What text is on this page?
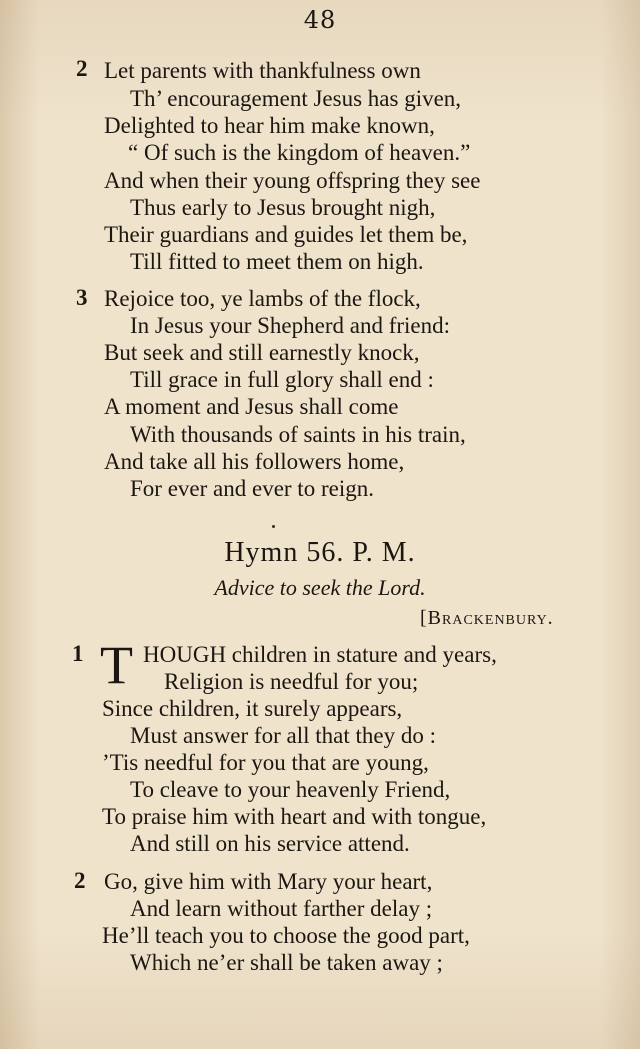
48
2 Let parents with thankfulness own
Th’ encouragement Jesus has given,
Delighted to hear him make known,
“ Of such is the kingdom of heaven.”
And when their young offspring they see
Thus early to Jesus brought nigh,
Their guardians and guides let them be,
Till fitted to meet them on high.
3 Rejoice too, ye lambs of the flock,
In Jesus your Shepherd and friend:
But seek and still earnestly knock,
Till grace in full glory shall end :
A moment and Jesus shall come
With thousands of saints in his train,
And take all his followers home,
For ever and ever to reign.
Hymn 56. P. M.
Advice to seek the Lord.
[Brackenbury.
1 T HOUGH children in stature and years,
Religion is needful for you;
Since children, it surely appears,
Must answer for all that they do :
’Tis needful for you that are young,
To cleave to your heavenly Friend,
To praise him with heart and with tongue,
And still on his service attend.
2 Go, give him with Mary your heart,
And learn without farther delay ;
He’ll teach you to choose the good part,
Which ne’er shall be taken away ;
